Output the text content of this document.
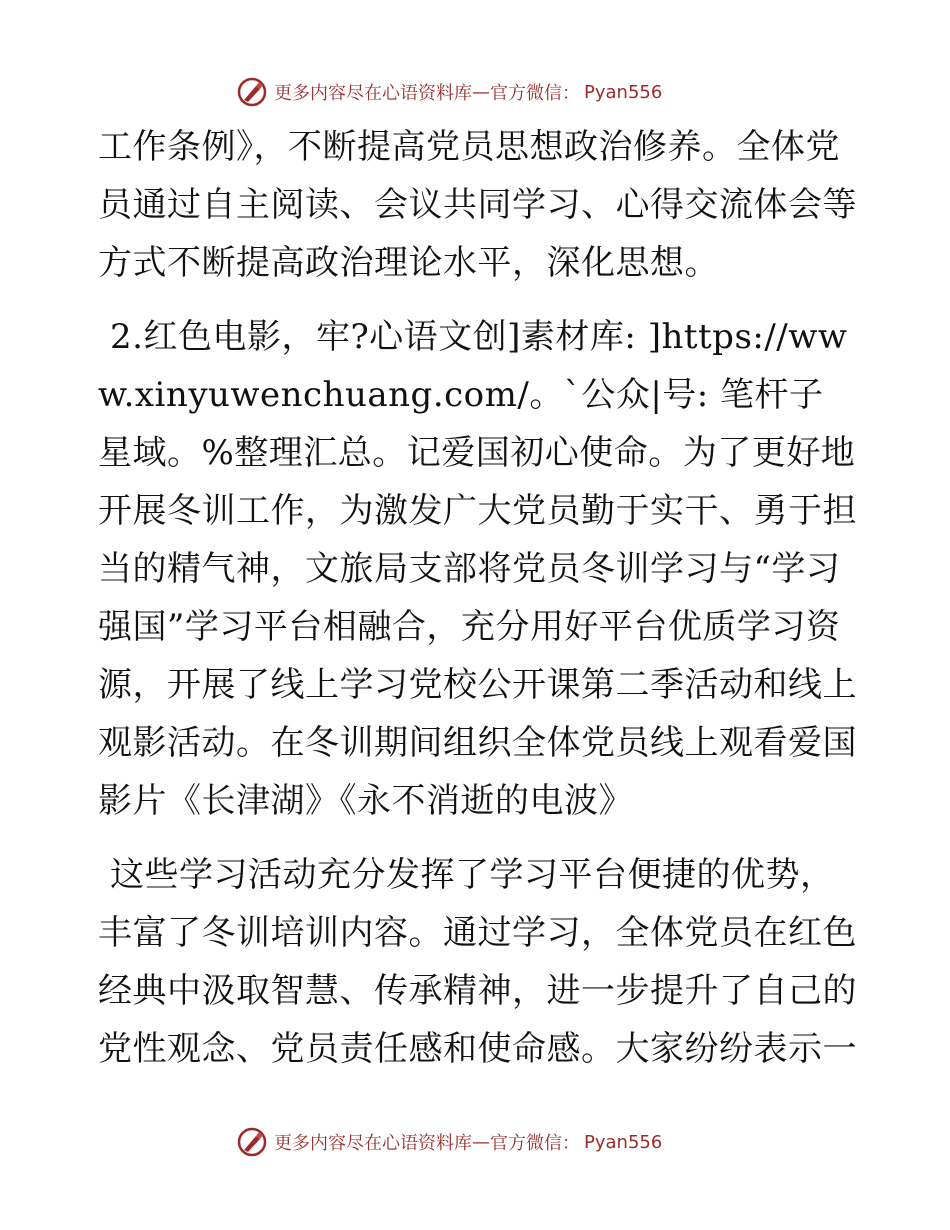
更多内容尽在心语资料库 — 官方微信： Pyan556

工作条例》，不断提高党员思想政治修养。全体党员通过自主阅读、会议共同学习、心得交流体会等方式不断提高政治理论水平，深化思想。

2.红色电影，牢?心语文创]素材库: ]https://www.xinyuwenchuang.com/。`公众|号: 笔杆子星域。%整理汇总。记爱国初心使命。为了更好地开展冬训工作，为激发广大党员勤于实干、勇于担当的精气神，文旅局支部将党员冬训学习与“学习强国”学习平台相融合，充分用好平台优质学习资源，开展了线上学习党校公开课第二季活动和线上观影活动。在冬训期间组织全体党员线上观看爱国影片《长津湖》《永不消逝的电波》

这些学习活动充分发挥了学习平台便捷的优势，丰富了冬训培训内容。通过学习，全体党员在红色经典中汲取智慧、传承精神，进一步提升了自己的党性观念、党员责任感和使命感。大家纷纷表示一

更多内容尽在心语资料库 — 官方微信： Pyan556
